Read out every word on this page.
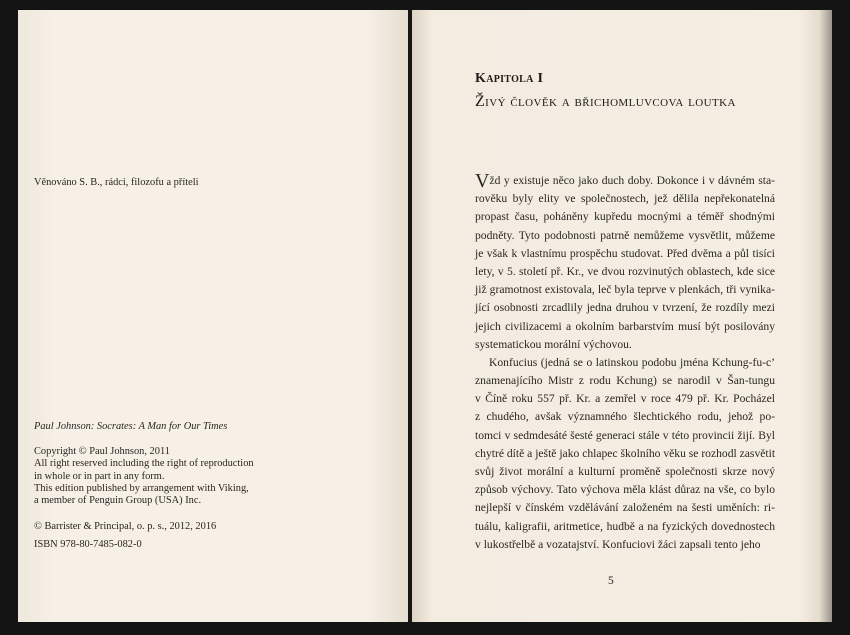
Věnováno S. B., rádci, filozofu a příteli
Paul Johnson: Socrates: A Man for Our Times
Copyright © Paul Johnson, 2011
All right reserved including the right of reproduction
in whole or in part in any form.
This edition published by arrangement with Viking,
a member of Penguin Group (USA) Inc.
© Barrister & Principal, o. p. s., 2012, 2016
ISBN 978-80-7485-082-0
Kapitola I
Živý člověk a břichomluvcova loutka
Vžd y existuje něco jako duch doby. Dokonce i v dávném sta-
rověku byly elity ve společnostech, jež dělila nepřekonatelná
propast času, poháněny kupředu mocnými a téměř shodnými
podněty. Tyto podobnosti patrně nemůžeme vysvětlit, můžeme
je však k vlastnímu prospěchu studovat. Před dvěma a půl tisíci
lety, v 5. století př. Kr., ve dvou rozvinutých oblastech, kde sice
již gramotnost existovala, leč byla teprve v plenkách, tři vynika-
jící osobnosti zrcadlily jedna druhou v tvrzení, že rozdíly mezi
jejich civilizacemi a okolním barbarstvím musí být posilovány
systematickou morální výchovou.
Konfucius (jedná se o latinskou podobu jména Kchung-fu-c’
znamenajícího Mistr z rodu Kchung) se narodil v Šan-tungu
v Číně roku 557 př. Kr. a zemřel v roce 479 př. Kr. Pocházel
z chudého, avšak významného šlechtického rodu, jehož po-
tomci v sedmdesáté šesté generaci stále v této provincii žijí. Byl
chytré dítě a ještě jako chlapec školního věku se rozhodl zasvětit
svůj život morální a kulturní proměně společnosti skrze nový
způsob výchovy. Tato výchova měla klást důraz na vše, co bylo
nejlepší v čínském vzdělávání založeném na šesti uměních: ri-
tuálu, kaligrafii, aritmetice, hudbě a na fyzických dovednostech
v lukostřelbě a vozatajství. Konfuciovi žáci zapsali tento jeho
5
